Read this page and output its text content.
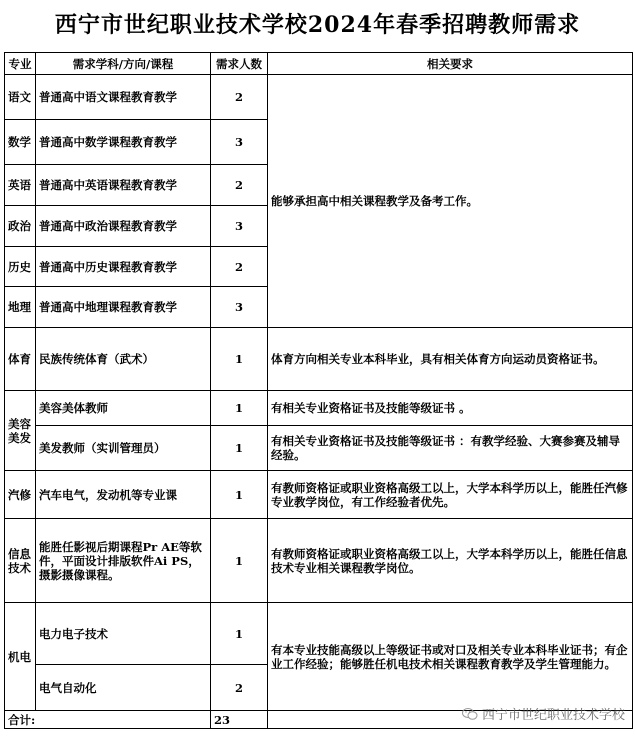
西宁市世纪职业技术学校2024年春季招聘教师需求
专业	需求学科/方向/课程	需求人数	相关要求
语文	普通高中语文课程教育教学	2	能够承担高中相关课程教学及备考工作。
数学	普通高中数学课程教育教学	3	
英语	普通高中英语课程教育教学	2	
政治	普通高中政治课程教育教学	3	
历史	普通高中历史课程教育教学	2	
地理	普通高中地理课程教育教学	3	
体育	民族传统体育（武术）	1	体育方向相关专业本科毕业，具有相关体育方向运动员资格证书。
美容美发	美容美体教师	1	有相关专业资格证书及技能等级证书 。
	美发教师（实训管理员）	1	有相关专业资格证书及技能等级证书 ：有教学经验、大赛参赛及辅导经验。
汽修	汽车电气，发动机等专业课	1	有教师资格证或职业资格高级工以上，大学本科学历以上，能胜任汽修专业教学岗位，有工作经验者优先。
信息技术	能胜任影视后期课程Pr AE等软件，平面设计排版软件Ai PS，摄影摄像课程。	1	有教师资格证或职业资格高级工以上，大学本科学历以上，能胜任信息技术专业相关课程教学岗位。
机电	电力电子技术	1	有本专业技能高级以上等级证书或对口及相关专业本科毕业证书；有企业工作经验；能够胜任机电技术相关课程教育教学及学生管理能力。
	电气自动化	2	
合计:		23		西宁市世纪职业技术学校
